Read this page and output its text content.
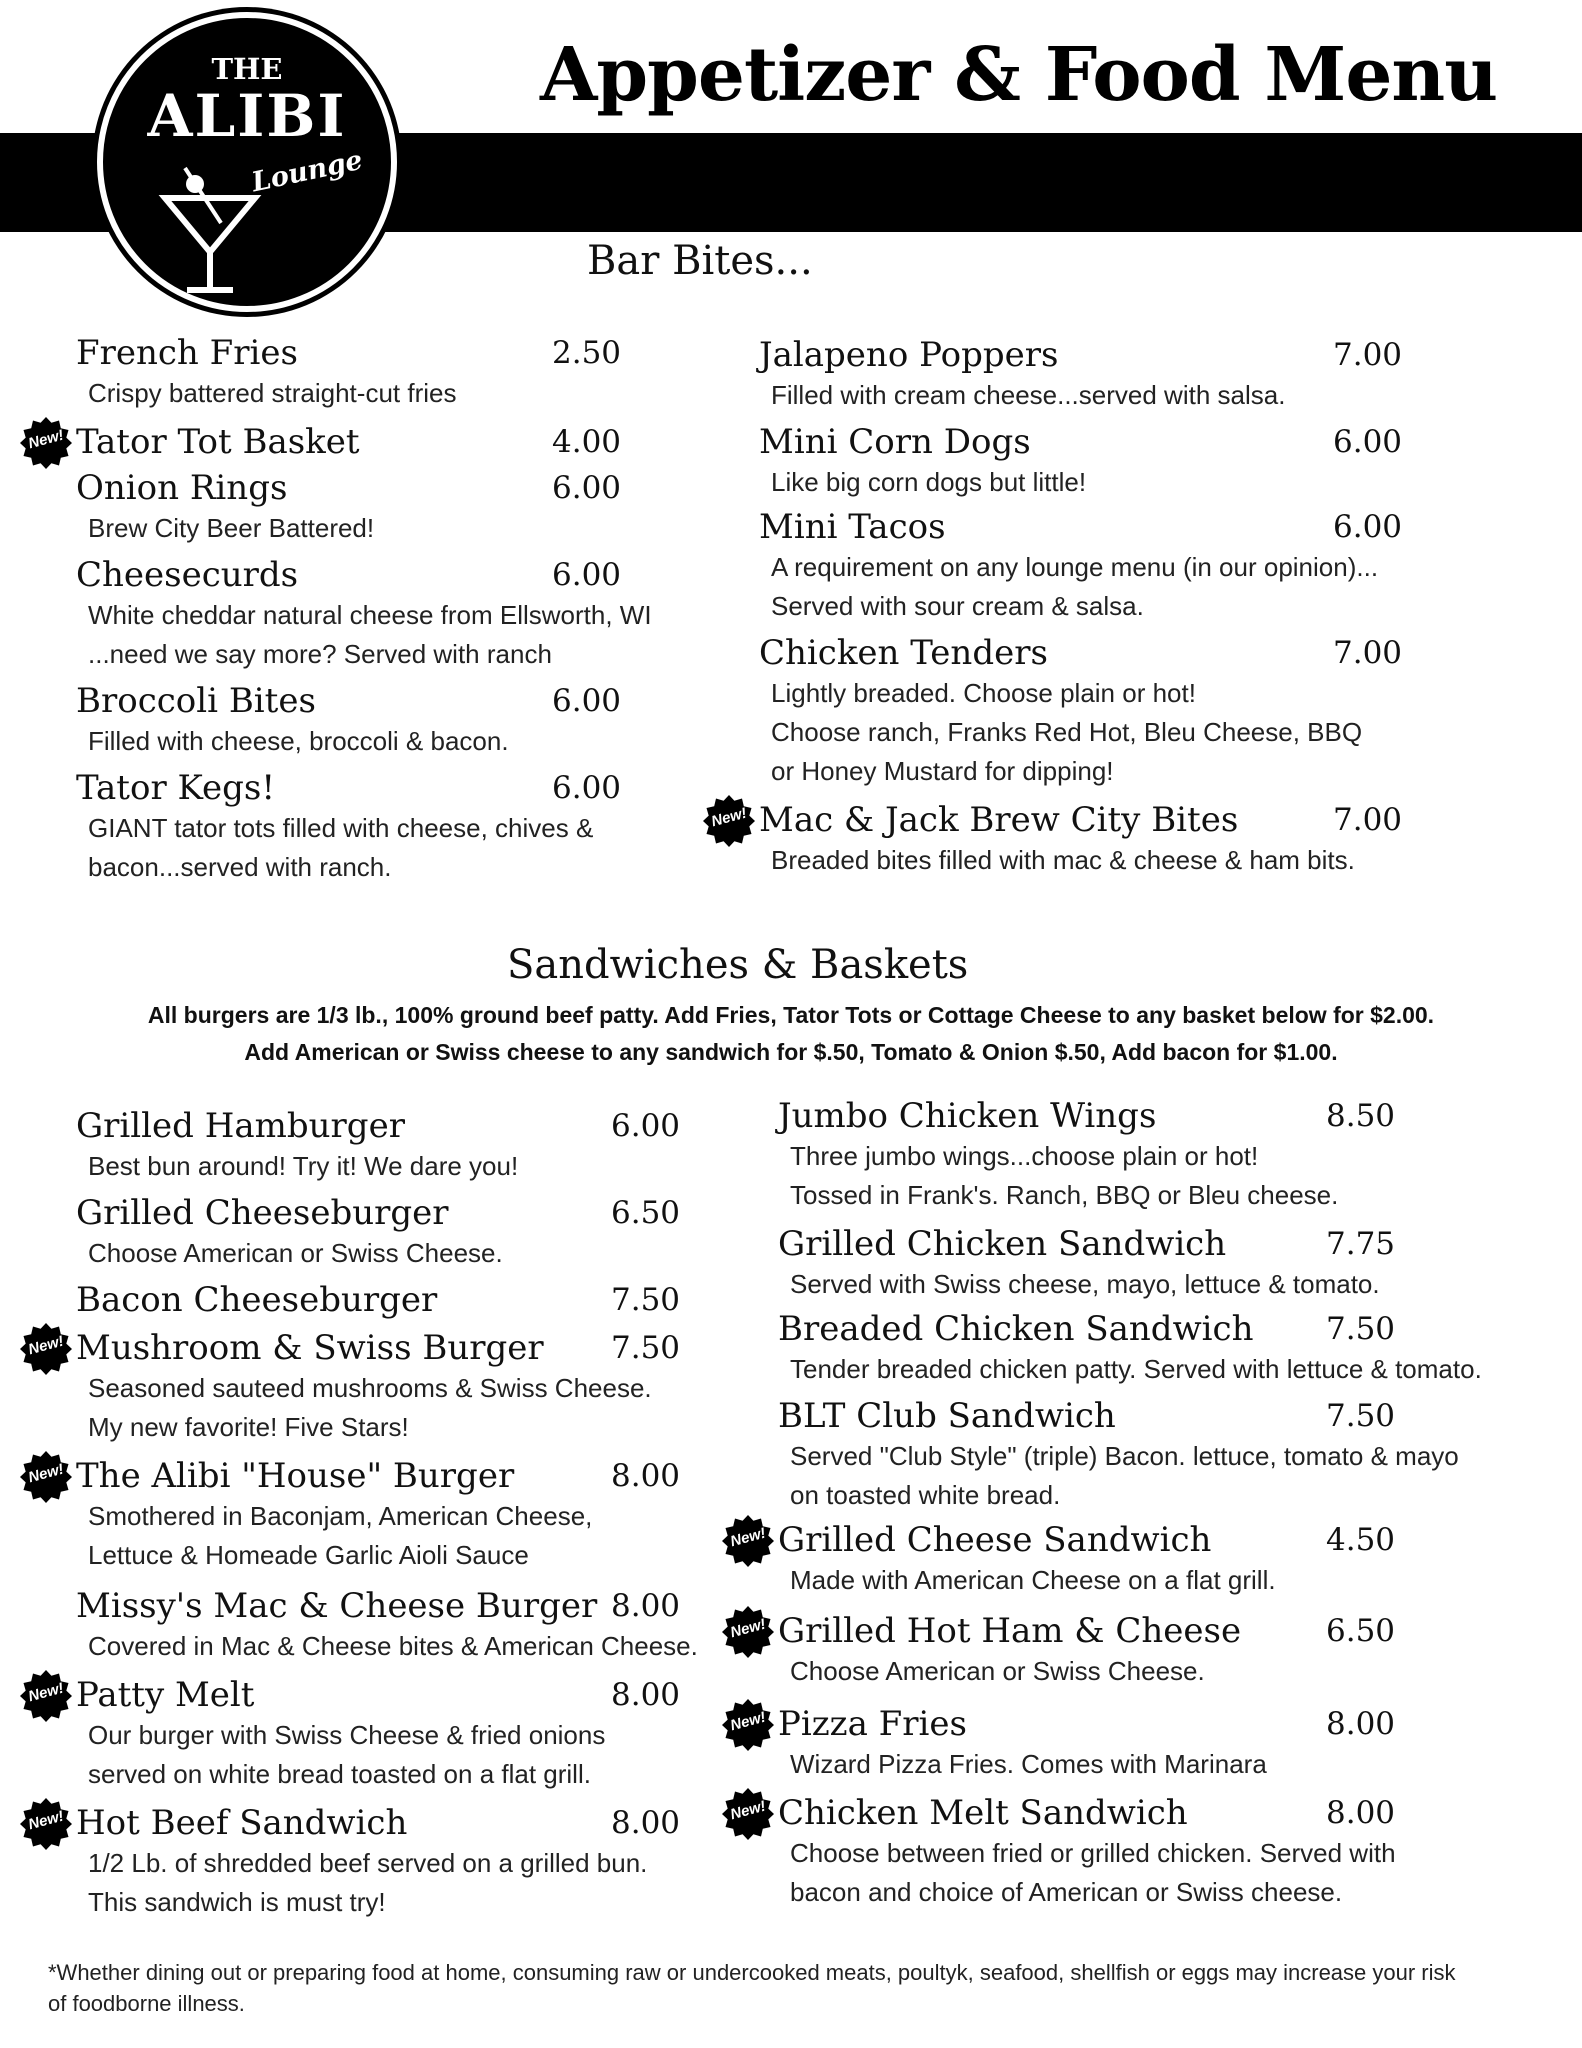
THE
ALIBI
Lounge
Appetizer & Food Menu
Bar Bites...
French Fries	2.50
Crispy battered straight-cut fries
New! Tator Tot Basket	4.00
Onion Rings	6.00
Brew City Beer Battered!
Cheesecurds	6.00
White cheddar natural cheese from Ellsworth, WI
...need we say more? Served with ranch
Broccoli Bites	6.00
Filled with cheese, broccoli & bacon.
Tator Kegs!	6.00
GIANT tator tots filled with cheese, chives &
bacon...served with ranch.
Jalapeno Poppers	7.00
Filled with cream cheese...served with salsa.
Mini Corn Dogs	6.00
Like big corn dogs but little!
Mini Tacos	6.00
A requirement on any lounge menu (in our opinion)...
Served with sour cream & salsa.
Chicken Tenders	7.00
Lightly breaded. Choose plain or hot!
Choose ranch, Franks Red Hot, Bleu Cheese, BBQ
or Honey Mustard for dipping!
New! Mac & Jack Brew City Bites	7.00
Breaded bites filled with mac & cheese & ham bits.
Sandwiches & Baskets
All burgers are 1/3 lb., 100% ground beef patty. Add Fries, Tator Tots or Cottage Cheese to any basket below for $2.00.
Add American or Swiss cheese to any sandwich for $.50, Tomato & Onion $.50, Add bacon for $1.00.
Grilled Hamburger	6.00
Best bun around! Try it! We dare you!
Grilled Cheeseburger	6.50
Choose American or Swiss Cheese.
Bacon Cheeseburger	7.50
New! Mushroom & Swiss Burger 7.50
Seasoned sauteed mushrooms & Swiss Cheese.
My new favorite! Five Stars!
New! The Alibi "House" Burger	8.00
Smothered in Baconjam, American Cheese,
Lettuce & Homeade Garlic Aioli Sauce
Missy's Mac & Cheese Burger 8.00
Covered in Mac & Cheese bites & American Cheese.
New! Patty Melt	8.00
Our burger with Swiss Cheese & fried onions
served on white bread toasted on a flat grill.
New! Hot Beef Sandwich	8.00
1/2 Lb. of shredded beef served on a grilled bun.
This sandwich is must try!
Jumbo Chicken Wings	8.50
Three jumbo wings...choose plain or hot!
Tossed in Frank's. Ranch, BBQ or Bleu cheese.
Grilled Chicken Sandwich	7.75
Served with Swiss cheese, mayo, lettuce & tomato.
Breaded Chicken Sandwich 7.50
Tender breaded chicken patty. Served with lettuce & tomato.
BLT Club Sandwich	7.50
Served "Club Style" (triple) Bacon. lettuce, tomato & mayo
on toasted white bread.
New! Grilled Cheese Sandwich	4.50
Made with American Cheese on a flat grill.
New! Grilled Hot Ham & Cheese	6.50
Choose American or Swiss Cheese.
New! Pizza Fries	8.00
Wizard Pizza Fries. Comes with Marinara
New! Chicken Melt Sandwich	8.00
Choose between fried or grilled chicken. Served with
bacon and choice of American or Swiss cheese.
*Whether dining out or preparing food at home, consuming raw or undercooked meats, poultyk, seafood, shellfish or eggs may increase your risk of foodborne illness.
